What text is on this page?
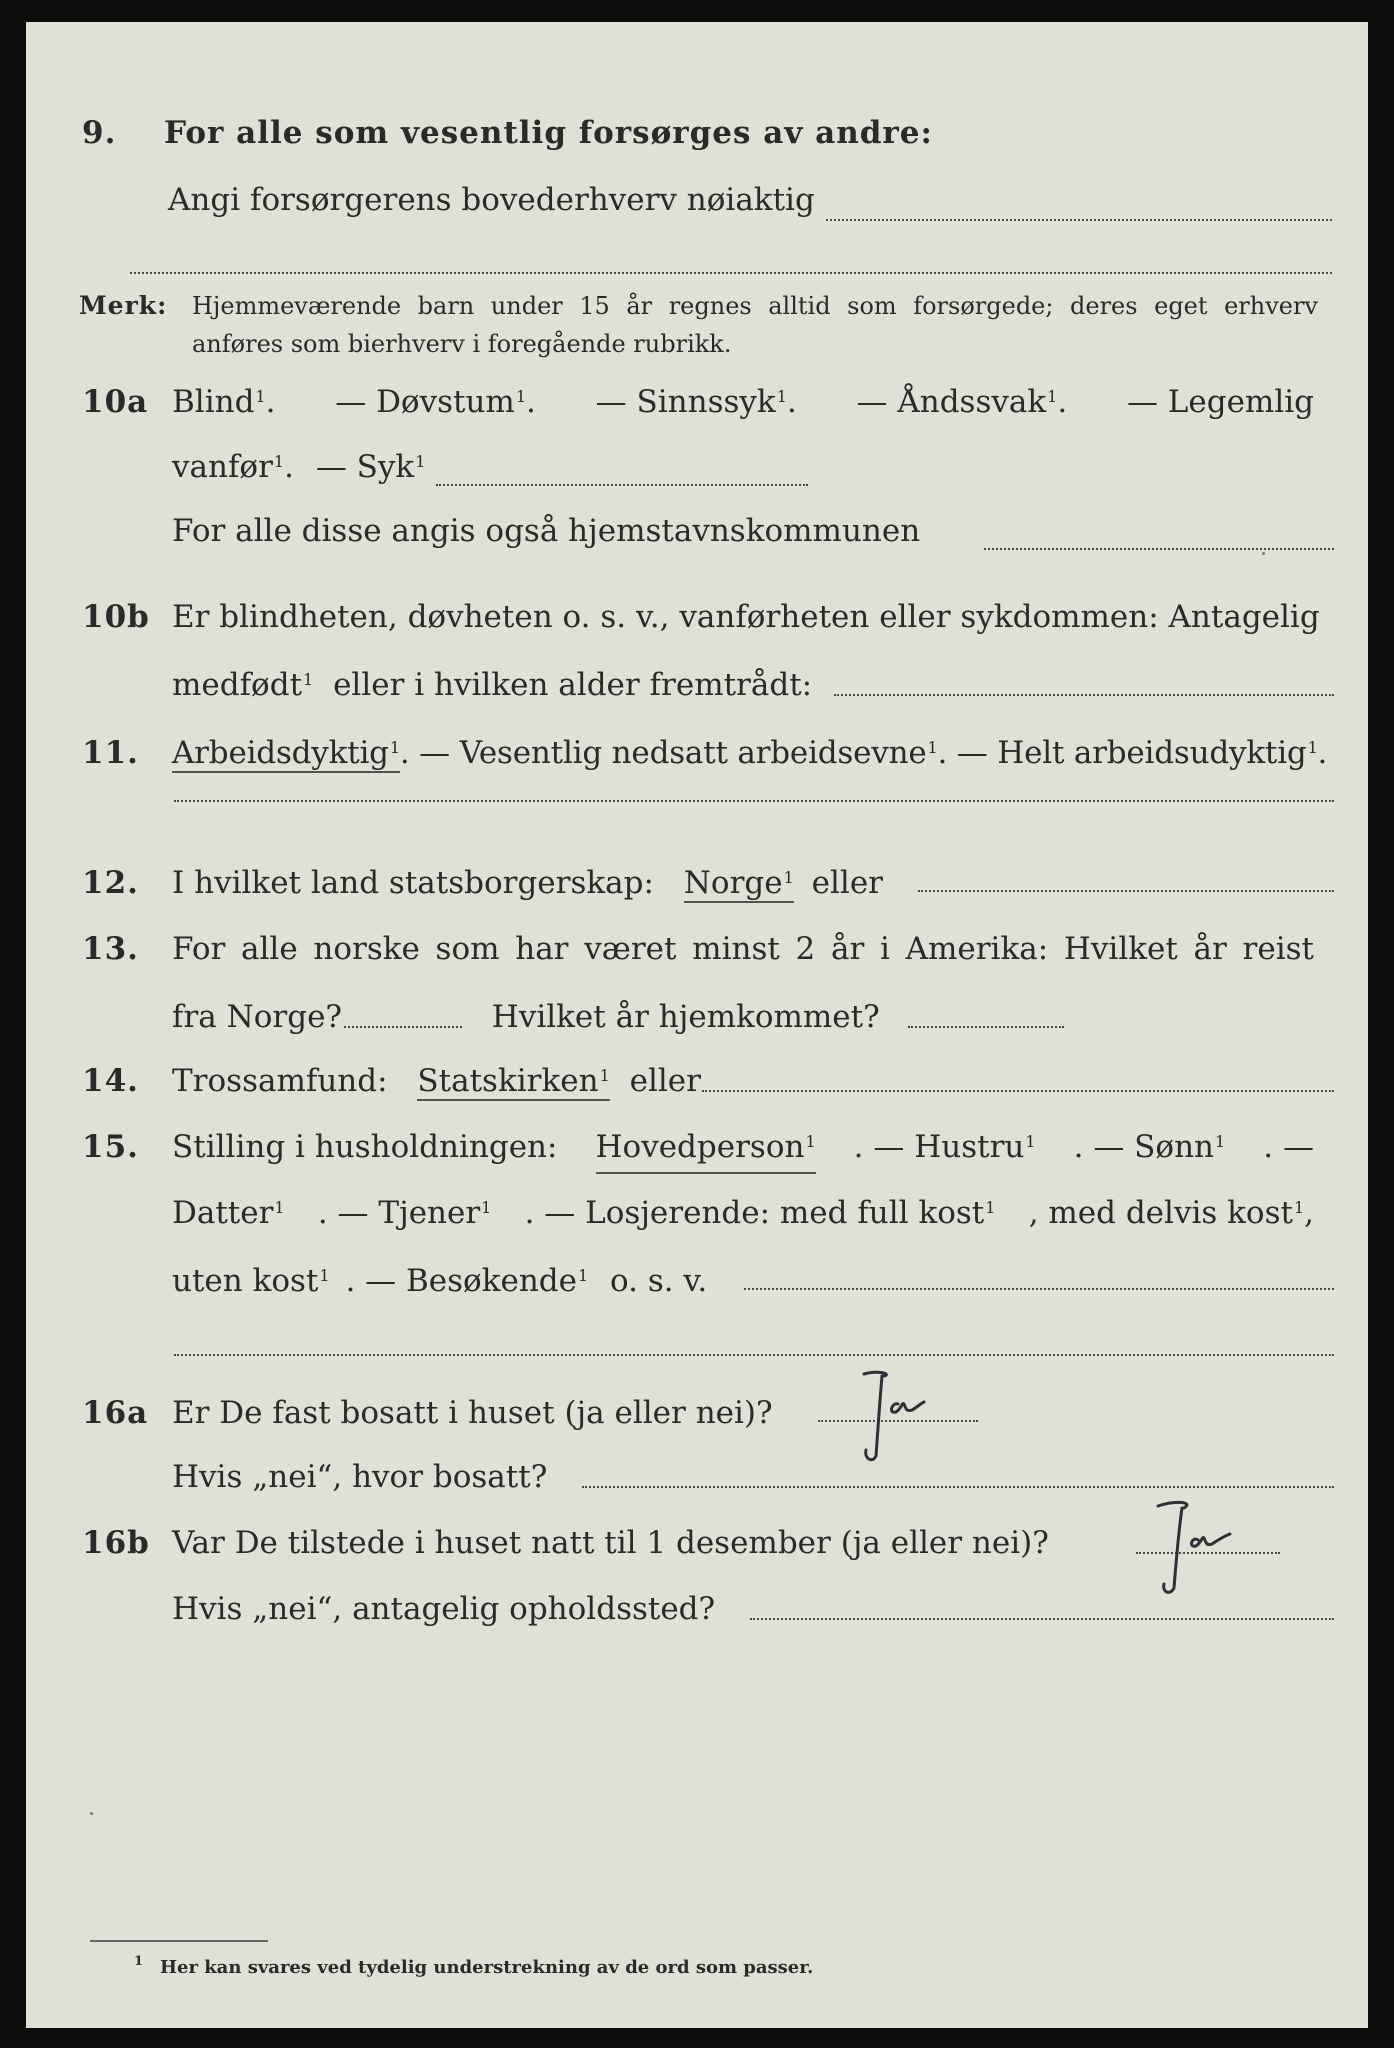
9. For alle som vesentlig forsørges av andre:
Angi forsørgerens bovederhverv nøiaktig
Merk: Hjemmeværende barn under 15 år regnes alltid som forsørgede; deres eget erhverv
anføres som bierhverv i foregående rubrikk.
10a Blind$^1$. — Døvstum$^1$. — Sinnssyk$^1$. — Åndssvak$^1$. — Legemlig
vanfør$^1$. — Syk$^1$
For alle disse angis også hjemstavnskommunen
10b Er blindheten, døvheten o. s. v., vanførheten eller sykdommen: Antagelig
medfødt$^1$ eller i hvilken alder fremtrådt:
11. Arbeidsdyktig$^1$. — Vesentlig nedsatt arbeidsevne$^1$. — Helt arbeidsudyktig$^1$.
12. I hvilket land statsborgerskap: Norge$^1$ eller
13. For alle norske som har været minst 2 år i Amerika: Hvilket år reist
fra Norge?	Hvilket år hjemkommet?
14. Trossamfund: Statskirken$^1$ eller
15. Stilling i husholdningen: Hovedperson$^1$ . — Hustru$^1$ . — Sønn$^1$ . —
Datter$^1$ . — Tjener$^1$ . — Losjerende: med full kost$^1$ , med delvis kost$^1$,
uten kost$^1$ . — Besøkende$^1$ o. s. v.
16a Er De fast bosatt i huset (ja eller nei)?
Hvis „nei“, hvor bosatt?
16b Var De tilstede i huset natt til 1 desember (ja eller nei)?
Hvis „nei“, antagelig opholdssted?
1 Her kan svares ved tydelig understrekning av de ord som passer.
